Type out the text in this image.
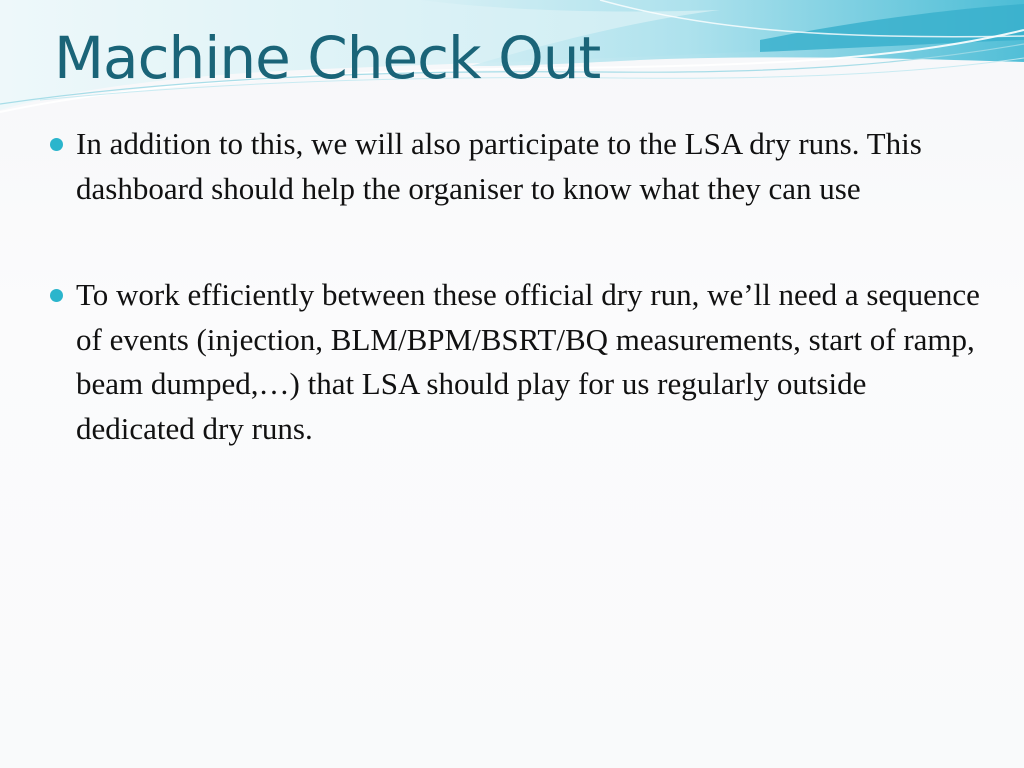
Machine Check Out
In addition to this, we will also participate to the LSA dry runs. This dashboard should help the organiser to know what they can use
To work efficiently between these official dry run, we’ll need a sequence of events (injection, BLM/BPM/BSRT/BQ measurements, start of ramp, beam dumped,…) that LSA should play for us regularly outside dedicated dry runs.
